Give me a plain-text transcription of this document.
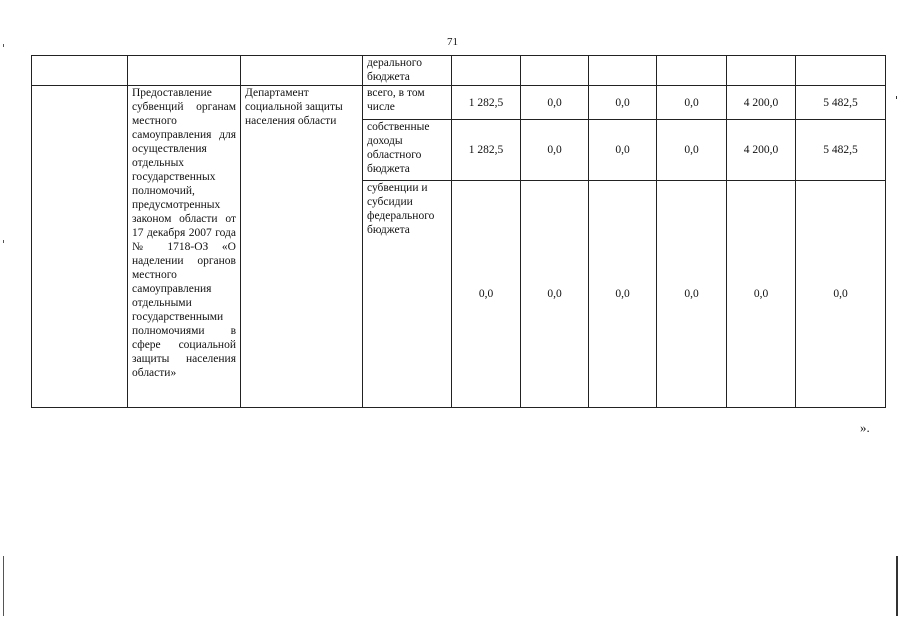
71
			дерального бюджета						
	Предоставление субвенций органам местного самоуправления для осуществления отдельных государственных полномочий, предусмотренных законом области от 17 декабря 2007 года № 1718-ОЗ «О наделении органов местного самоуправления отдельными государственными полномочиями в сфере социальной защиты населения области»	Департамент социальной защиты населения области	всего, в том числе	1 282,5	0,0	0,0	0,0	4 200,0	5 482,5
			собственные доходы областного бюджета	1 282,5	0,0	0,0	0,0	4 200,0	5 482,5
			субвенции и субсидии федерального бюджета	0,0	0,0	0,0	0,0	0,0	0,0
».
